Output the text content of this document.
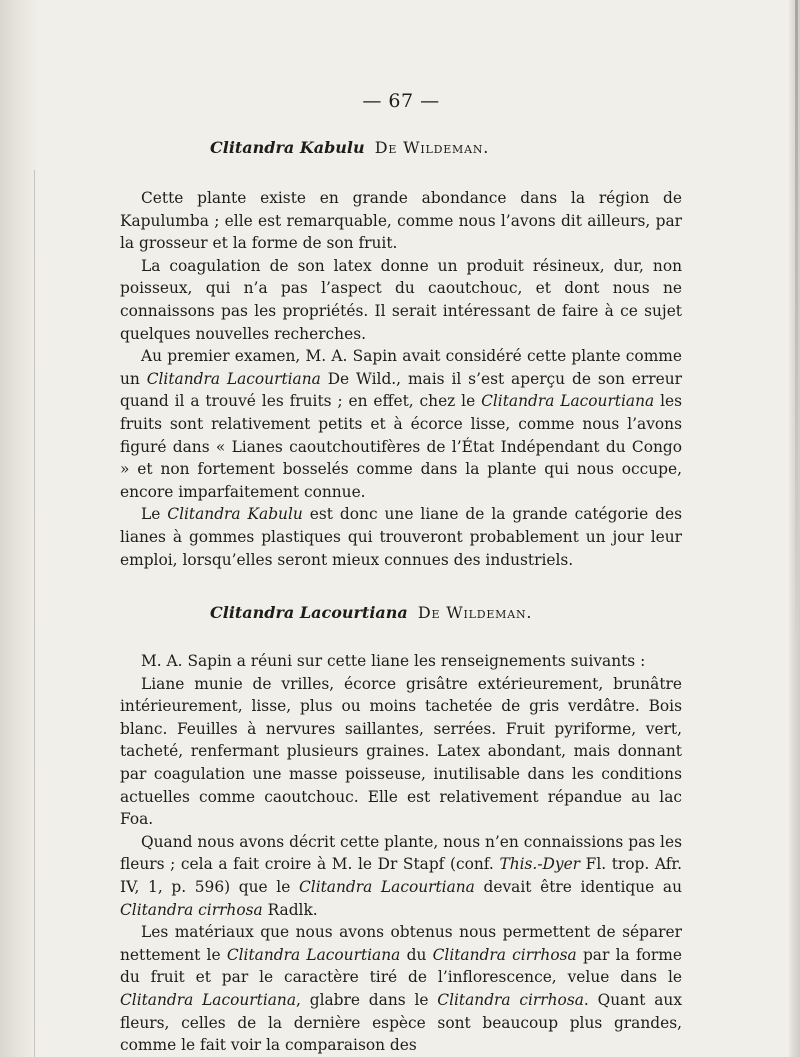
— 67 —
Clitandra Kabulu De Wildeman.

Cette plante existe en grande abondance dans la région de Kapulumba ; elle est remarquable, comme nous l’avons dit ailleurs, par la grosseur et la forme de son fruit.

La coagulation de son latex donne un produit résineux, dur, non poisseux, qui n’a pas l’aspect du caoutchouc, et dont nous ne connaissons pas les propriétés. Il serait intéressant de faire à ce sujet quelques nouvelles recherches.

Au premier examen, M. A. Sapin avait considéré cette plante comme un Clitandra Lacourtiana De Wild., mais il s’est aperçu de son erreur quand il a trouvé les fruits ; en effet, chez le Clitandra Lacourtiana les fruits sont relativement petits et à écorce lisse, comme nous l’avons figuré dans « Lianes caoutchoutifères de l’État Indépendant du Congo » et non fortement bosselés comme dans la plante qui nous occupe, encore imparfaitement connue.

Le Clitandra Kabulu est donc une liane de la grande catégorie des lianes à gommes plastiques qui trouveront probablement un jour leur emploi, lorsqu’elles seront mieux connues des industriels.

Clitandra Lacourtiana De Wildeman.

M. A. Sapin a réuni sur cette liane les renseignements suivants :

Liane munie de vrilles, écorce grisâtre extérieurement, brunâtre intérieurement, lisse, plus ou moins tachetée de gris verdâtre. Bois blanc. Feuilles à nervures saillantes, serrées. Fruit pyriforme, vert, tacheté, renfermant plusieurs graines. Latex abondant, mais donnant par coagulation une masse poisseuse, inutilisable dans les conditions actuelles comme caoutchouc. Elle est relativement répandue au lac Foa.

Quand nous avons décrit cette plante, nous n’en connaissions pas les fleurs ; cela a fait croire à M. le Dr Stapf (conf. This.-Dyer Fl. trop. Afr. IV, 1, p. 596) que le Clitandra Lacourtiana devait être identique au Clitandra cirrhosa Radlk.

Les matériaux que nous avons obtenus nous permettent de séparer nettement le Clitandra Lacourtiana du Clitandra cirrhosa par la forme du fruit et par le caractère tiré de l’inflorescence, velue dans le Clitandra Lacourtiana, glabre dans le Clitandra cirrhosa. Quant aux fleurs, celles de la dernière espèce sont beaucoup plus grandes, comme le fait voir la comparaison des
